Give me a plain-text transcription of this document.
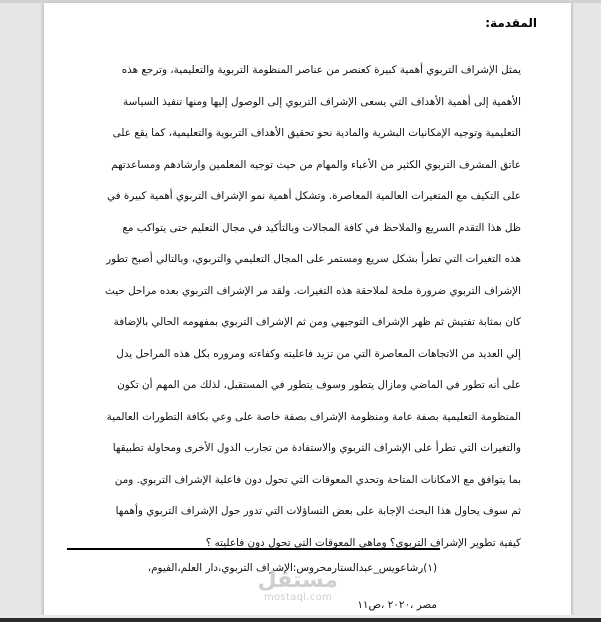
المقدمة:
يمثل الإشراف التربوي أهمية كبيرة كعنصر من عناصر المنظومة التربوية والتعليمية، وترجع هذه
الأهمية إلى أهمية الأهداف التي يسعى الإشراف التربوي إلى الوصول إليها ومنها تنفيذ السياسة
التعليمية وتوجيه الإمكانيات البشرية والمادية نحو تحقيق الأهداف التربوية والتعليمية، كما يقع على
عاتق المشرف التربوي الكثير من الأعباء والمهام من حيث توجيه المعلمين وارشادهم ومساعدتهم
على التكيف مع المتغيرات العالمية المعاصرة. وتشكل أهمية نمو الإشراف التربوي أهمية كبيرة في
ظل هذا التقدم السريع والملاحظ في كافة المجالات وبالتأكيد في مجال التعليم حتى يتواكب مع
هذه التغيرات التي تطرأ بشكل سريع ومستمر على المجال التعليمي والتربوي، وبالتالي أصبح تطور
الإشراف التربوي ضرورة ملحة لملاحقة هذه التغيرات. ولقد مر الإشراف التربوي بعده مراحل حيث
كان بمثابة تفتيش ثم ظهر الإشراف التوجيهي ومن ثم الإشراف التربوي بمفهومه الحالي بالإضافة
إلي العديد من الاتجاهات المعاصرة التي من تزيد فاعليته وكفاءته ومروره بكل هذه المراحل يدل
على أنه تطور في الماضي ومازال يتطور وسوف يتطور في المستقبل، لذلك من المهم أن تكون
المنظومة التعليمية بصفة عامة ومنظومة الإشراف بصفة خاصة على وعي بكافة التطورات العالمية
والتغيرات التي تطرأ على الإشراف التربوي والاستفادة من تجارب الدول الأخرى ومحاولة تطبيقها
بما يتوافق مع الامكانات المتاحة وتحدي المعوقات التي تحول دون فاعلية الإشراف التربوي. ومن
ثم سوف يحاول هذا البحث الإجابة على بعض التساؤلات التي تدور حول الإشراف التربوي وأهمها
كيفية تطوير الإشراف التربوي؟ وماهي المعوقات التي تحول دون فاعليته ؟
(١)رشاعويس_عبدالستارمحروس:الإشراف التربوي،دار العلم،الفيوم،
مصر ،٢٠٢٠ ،ص١١
مستقل
mostaql.com
